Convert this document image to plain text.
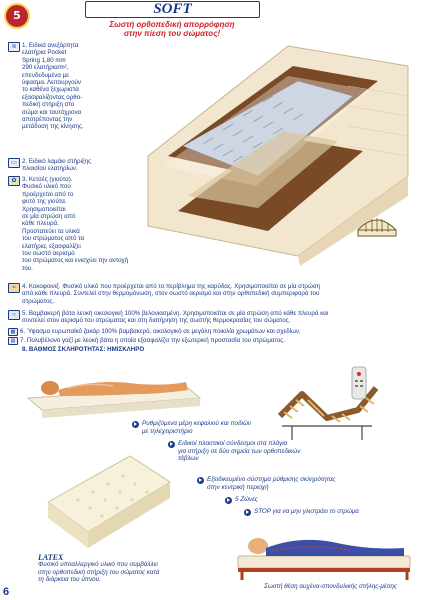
5	SOFT
Σωστή ορθοπεδική απορρόφηση
στην πίεση του σώματος!
≋ 1. Ειδικά ανεξάρτητα
ελατήρια Pocket
Spring 1,80 mm
290 ελατήρια/m²,
επενδεδυμένα με
ύφασμα. Λειτουργούν
το καθένα ξεχωριστά
εξασφαλίζοντας ορθο-
πεδική στήριξη στο
σώμα και ταυτόχρονα
αποτρέποντας την
μετάδοση της κίνησης.
▭ 2. Ειδικό λαμάκι στήριξης
πλαισίου ελατηρίων.
✿ 3. Κετσές (γιούτα).
Φυσικό υλικό που
προέρχεται από το
φυτό της γιούτα.
Χρησιμοποιείται
σε μία στρώση από
κάθε πλευρά.
Προστατεύει τα υλικά
του στρώματος από τα
ελατήρια, εξασφαλίζει
τον σωστό αερισμό
του στρώματος και ενισχύει την αντοχή του.
≈	4. Κοκοφοινιξ. Φυσικό υλικό που προέρχεται από το περίβλημα της καρύδας. Χρησιμοποιείται σε μία στρώση
από κάθε πλευρά. Συντελεί στην θερμομόνωση, στον σωστό αερισμό και στην ορθοπεδική συμπεριφορά του
στρώματος.
○ 5. Βαμβακερή βάτα λευκή οικολογική 100% βελονιασμένη. Χρησιμοποιείται σε μία στρώση από κάθε πλευρά και
συντελεί στον αερισμό του στρώματος και στη διατήρηση της σωστής θερμοκρασίας του σώματος.
▦ 6. Ύφασμα ευρωπαϊκό ζακάρ 100% βαμβακερό, οικολογικό σε μεγάλη ποικιλία χρωμάτων και σχεδίων.
▤ 7. Πολυβέλονο γαζί με λευκή βάτα η οποία εξασφαλίζει την εξωτερική προστασία του στρώματος.
8. ΒΑΘΜΟΣ ΣΚΛΗΡΟΤΗΤΑΣ: ΗΜΙΣΚΛΗΡΟ
Ρυθμιζόμενα μέρη κεφαλιού και ποδιών
με τηλεχειριστήριο
Ειδικοί πλαστικοί σύνδεσμοι στα πλάγια
για στήριξη σε δύο σημεία των ορθοπεδικών
τάβλων
Εξειδικευμένο σύστημα ρύθμισης σκληρότητας
στην κεντρική περιοχή
5 Ζώνες
STOP για να μην γλιστράει το στρώμα
LATEX
Φυσικό υποαλλεργικό υλικό που συμβάλλει
στην ορθοπεδική στήριξη του σώματος κατά
τη διάρκεια του ύπνου.
Σωστή θέση αυχένα-σπονδυλικής στήλης-μέσης
6
